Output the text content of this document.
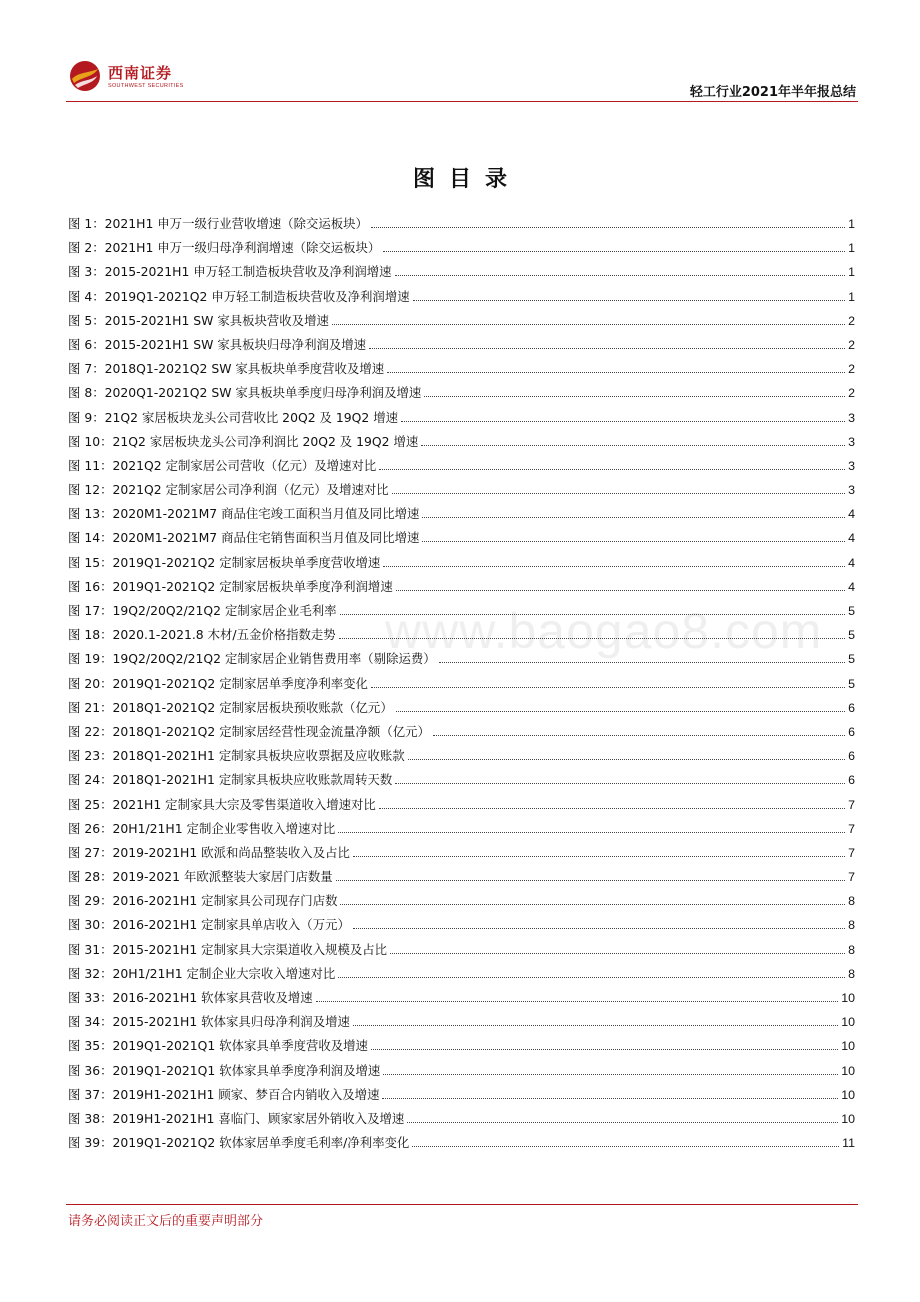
西南证券
SOUTHWEST SECURITIES	轻工行业2021年半年报总结
www.baogao8.com
图目录
图 1： 2021H1 申万一级行业营收增速（除交运板块）	1
图 2： 2021H1 申万一级归母净利润增速（除交运板块）	1
图 3： 2015-2021H1 申万轻工制造板块营收及净利润增速	1
图 4： 2019Q1-2021Q2 申万轻工制造板块营收及净利润增速	1
图 5： 2015-2021H1 SW 家具板块营收及增速	2
图 6： 2015-2021H1 SW 家具板块归母净利润及增速	2
图 7： 2018Q1-2021Q2 SW 家具板块单季度营收及增速	2
图 8： 2020Q1-2021Q2 SW 家具板块单季度归母净利润及增速	2
图 9： 21Q2 家居板块龙头公司营收比 20Q2 及 19Q2 增速	3
图 10： 21Q2 家居板块龙头公司净利润比 20Q2 及 19Q2 增速	3
图 11： 2021Q2 定制家居公司营收（亿元）及增速对比	3
图 12： 2021Q2 定制家居公司净利润（亿元）及增速对比	3
图 13： 2020M1-2021M7 商品住宅竣工面积当月值及同比增速	4
图 14： 2020M1-2021M7 商品住宅销售面积当月值及同比增速	4
图 15： 2019Q1-2021Q2 定制家居板块单季度营收增速	4
图 16： 2019Q1-2021Q2 定制家居板块单季度净利润增速	4
图 17： 19Q2/20Q2/21Q2 定制家居企业毛利率	5
图 18： 2020.1-2021.8 木材/五金价格指数走势	5
图 19： 19Q2/20Q2/21Q2 定制家居企业销售费用率（剔除运费）	5
图 20： 2019Q1-2021Q2 定制家居单季度净利率变化	5
图 21： 2018Q1-2021Q2 定制家居板块预收账款（亿元）	6
图 22： 2018Q1-2021Q2 定制家居经营性现金流量净额（亿元）	6
图 23： 2018Q1-2021H1 定制家具板块应收票据及应收账款	6
图 24： 2018Q1-2021H1 定制家具板块应收账款周转天数	6
图 25： 2021H1 定制家具大宗及零售渠道收入增速对比	7
图 26： 20H1/21H1 定制企业零售收入增速对比	7
图 27： 2019-2021H1 欧派和尚品整装收入及占比	7
图 28： 2019-2021 年欧派整装大家居门店数量	7
图 29： 2016-2021H1 定制家具公司现存门店数	8
图 30： 2016-2021H1 定制家具单店收入（万元）	8
图 31： 2015-2021H1 定制家具大宗渠道收入规模及占比	8
图 32： 20H1/21H1 定制企业大宗收入增速对比	8
图 33： 2016-2021H1 软体家具营收及增速	10
图 34： 2015-2021H1 软体家具归母净利润及增速	10
图 35： 2019Q1-2021Q1 软体家具单季度营收及增速	10
图 36： 2019Q1-2021Q1 软体家具单季度净利润及增速	10
图 37： 2019H1-2021H1 顾家、梦百合内销收入及增速	10
图 38： 2019H1-2021H1 喜临门、顾家家居外销收入及增速	10
图 39： 2019Q1-2021Q2 软体家居单季度毛利率/净利率变化	11
请务必阅读正文后的重要声明部分
